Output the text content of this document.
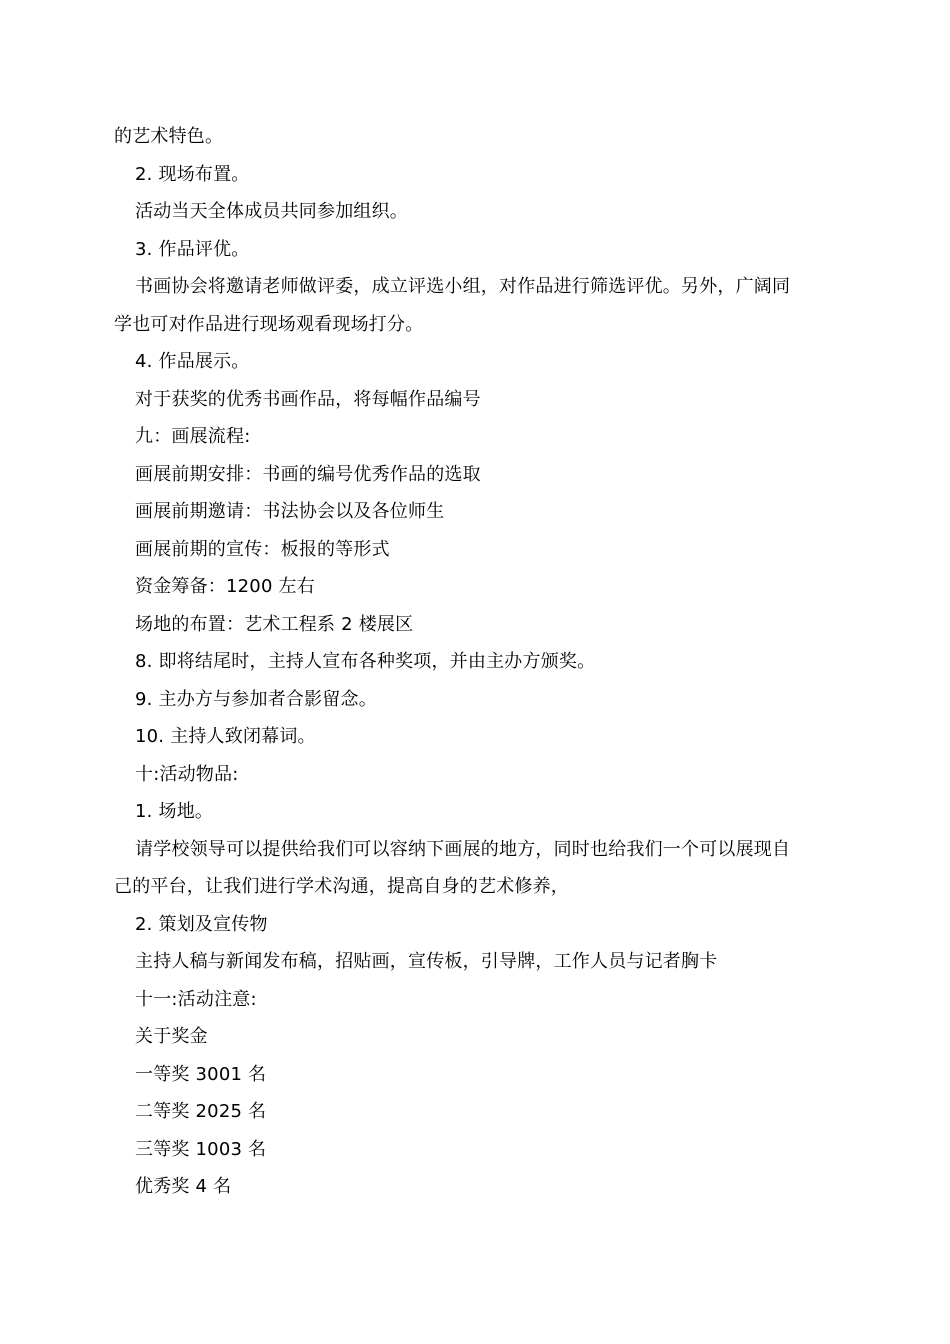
的艺术特色。
2. 现场布置。
活动当天全体成员共同参加组织。
3. 作品评优。
书画协会将邀请老师做评委，成立评选小组，对作品进行筛选评优。另外，广阔同
学也可对作品进行现场观看现场打分。
4. 作品展示。
对于获奖的优秀书画作品，将每幅作品编号
九：画展流程:
画展前期安排：书画的编号优秀作品的选取
画展前期邀请：书法协会以及各位师生
画展前期的宣传：板报的等形式
资金筹备：1200 左右
场地的布置：艺术工程系 2 楼展区
8. 即将结尾时，主持人宣布各种奖项，并由主办方颁奖。
9. 主办方与参加者合影留念。
10. 主持人致闭幕词。
十:活动物品:
1. 场地。
请学校领导可以提供给我们可以容纳下画展的地方，同时也给我们一个可以展现自
己的平台，让我们进行学术沟通，提高自身的艺术修养，
2. 策划及宣传物
主持人稿与新闻发布稿，招贴画，宣传板，引导牌，工作人员与记者胸卡
十一:活动注意:
关于奖金
一等奖 3001 名
二等奖 2025 名
三等奖 1003 名
优秀奖 4 名
